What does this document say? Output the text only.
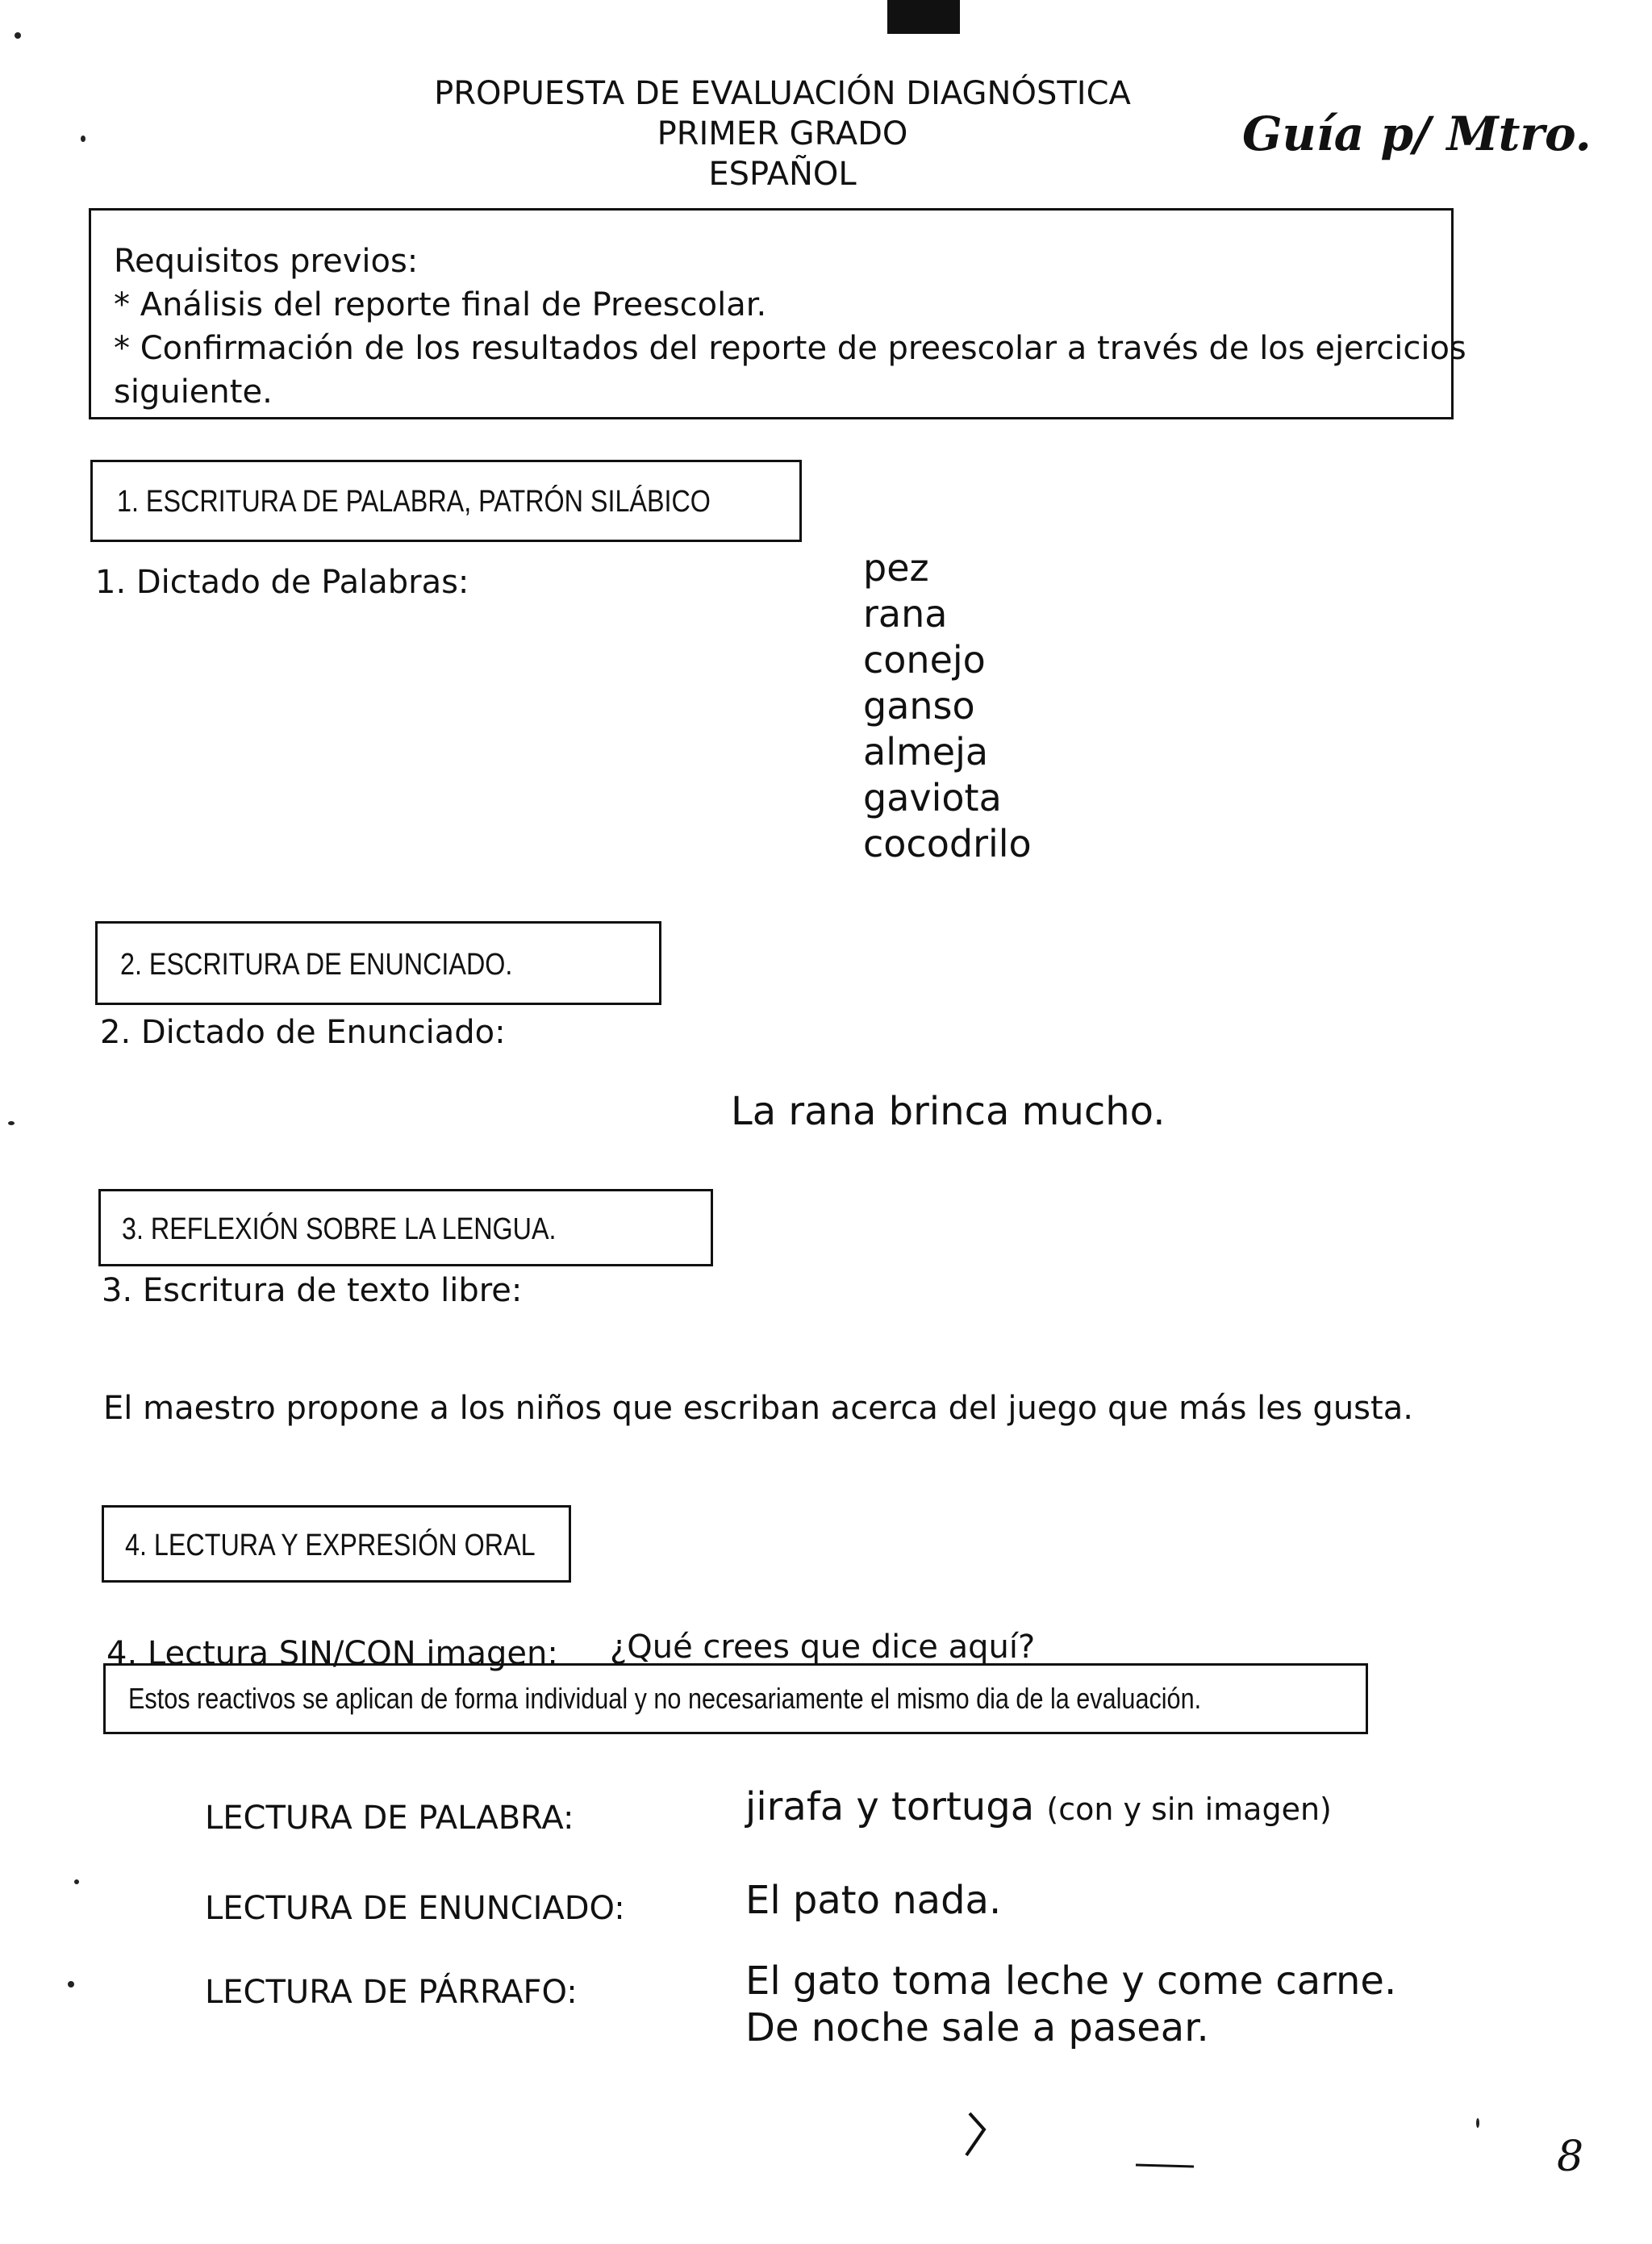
PROPUESTA DE EVALUACIÓN DIAGNÓSTICA
PRIMER GRADO
ESPAÑOL
Guía p/ Mtro.
Requisitos previos:
* Análisis del reporte final de Preescolar.
* Confirmación de los resultados del reporte de preescolar a través de los ejercicios
siguiente.
1. ESCRITURA DE PALABRA, PATRÓN SILÁBICO
1. Dictado de Palabras:	pez
rana
conejo
ganso
almeja
gaviota
cocodrilo
2. ESCRITURA DE ENUNCIADO.
2. Dictado de Enunciado:
La rana brinca mucho.
3. REFLEXIÓN SOBRE LA LENGUA.
3. Escritura de texto libre:
El maestro propone a los niños que escriban acerca del juego que más les gusta.
4. LECTURA Y EXPRESIÓN ORAL
4. Lectura SIN/CON imagen: ¿Qué crees que dice aquí?
Estos reactivos se aplican de forma individual y no necesariamente el mismo dia de la evaluación.
LECTURA DE PALABRA:	jirafa y tortuga (con y sin imagen)
LECTURA DE ENUNCIADO:	El pato nada.
LECTURA DE PÁRRAFO:	El gato toma leche y come carne.
De noche sale a pasear.
8
